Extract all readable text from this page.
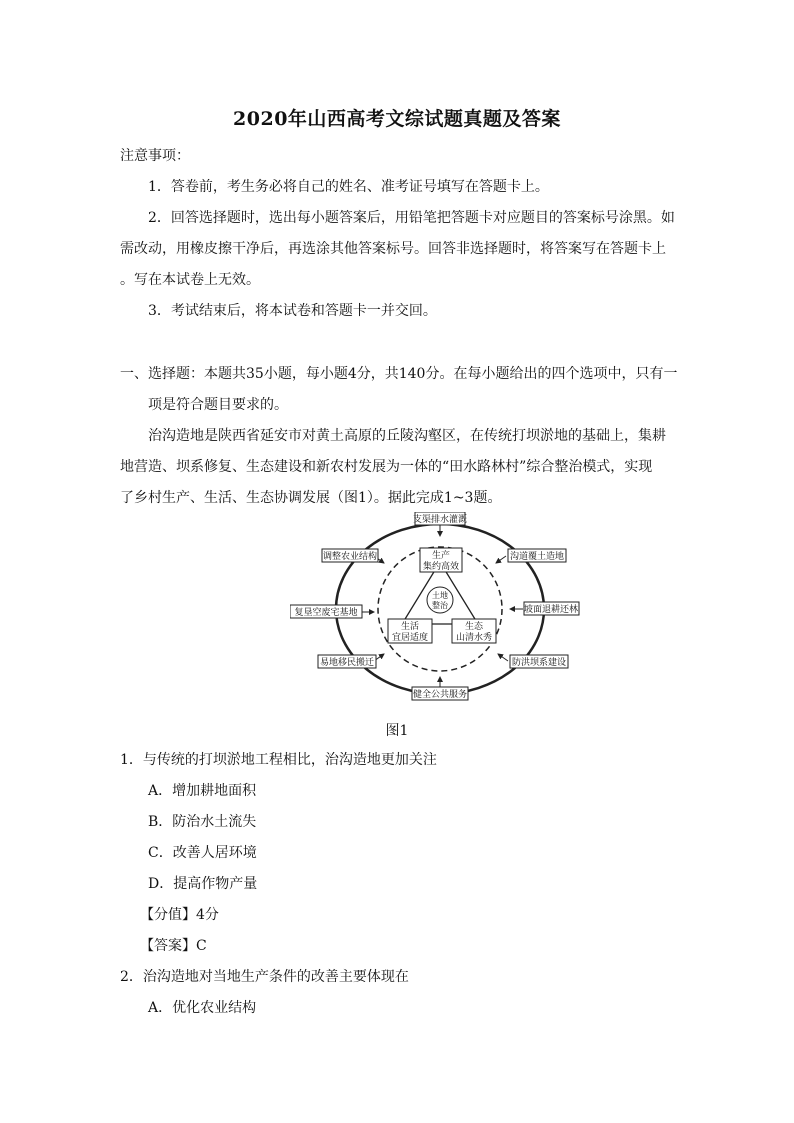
2020年山西高考文综试题真题及答案
注意事项：
1．答卷前，考生务必将自己的姓名、准考证号填写在答题卡上。
2．回答选择题时，选出每小题答案后，用铅笔把答题卡对应题目的答案标号涂黑。如
需改动，用橡皮擦干净后，再选涂其他答案标号。回答非选择题时，将答案写在答题卡上
。写在本试卷上无效。
3．考试结束后，将本试卷和答题卡一并交回。
一、选择题：本题共35小题，每小题4分，共140分。在每小题给出的四个选项中，只有一
项是符合题目要求的。
治沟造地是陕西省延安市对黄土高原的丘陵沟壑区，在传统打坝淤地的基础上，集耕
地营造、坝系修复、生态建设和新农村发展为一体的“田水路林村”综合整治模式，实现
了乡村生产、生活、生态协调发展（图1）。据此完成1~3题。
支渠排水灌溉
沟道覆土造地
坡面退耕还林
防洪坝系建设
健全公共服务
易地移民搬迁
复垦空废宅基地
调整农业结构	生产
集约高效
生活
宜居适度
生态
山清水秀
土地
整治
图1
1．与传统的打坝淤地工程相比，治沟造地更加关注
A．增加耕地面积
B．防治水土流失
C．改善人居环境
D．提高作物产量
【分值】4分
【答案】C
2．治沟造地对当地生产条件的改善主要体现在
A．优化农业结构
